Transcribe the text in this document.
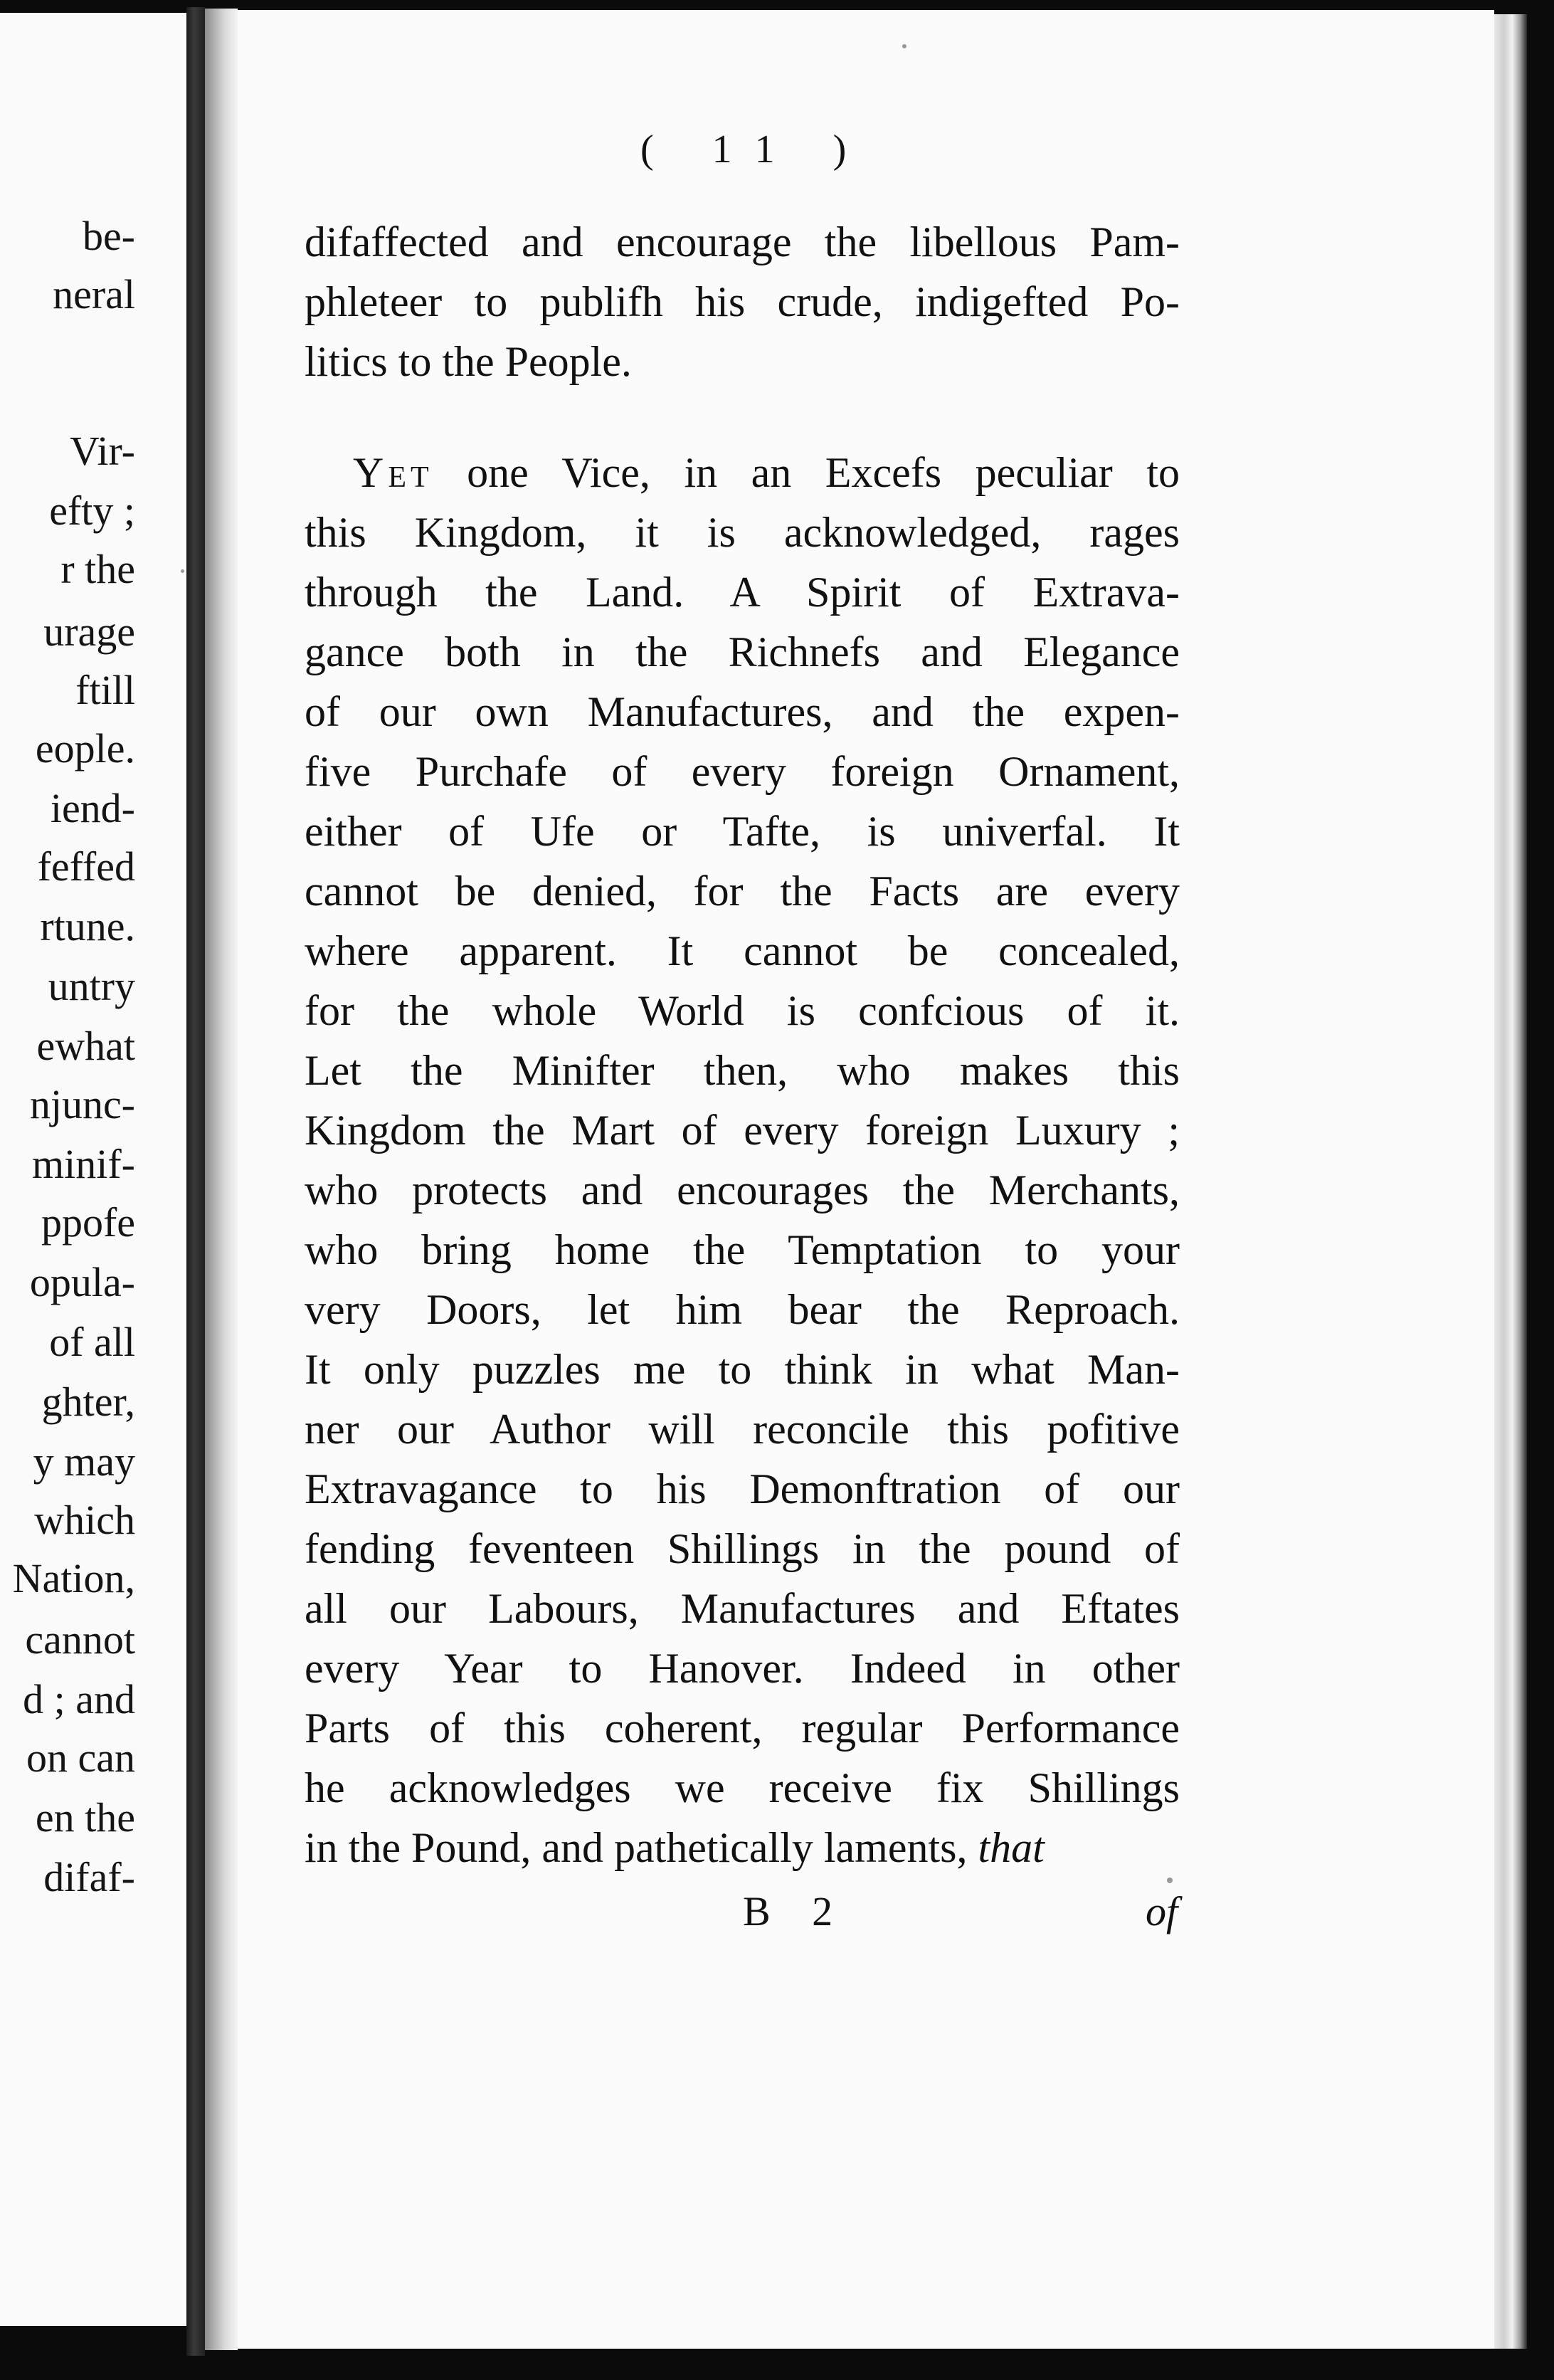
be-
neral
Vir-
efty ;
r the
urage
ftill
eople.
iend-
feffed
rtune.
untry
ewhat
njunc-
minif-
ppofe
opula-
of all
ghter,
y may
which
Nation,
cannot
d ; and
on can
en the
difaf-
( 11 )
difaffected and encourage the libellous Pam-
phleteer to publifh his crude, indigefted Po-
litics to the People.
Yet one Vice, in an Excefs peculiar to
this Kingdom, it is acknowledged, rages
through the Land. A Spirit of Extrava-
gance both in the Richnefs and Elegance
of our own Manufactures, and the expen-
five Purchafe of every foreign Ornament,
either of Ufe or Tafte, is univerfal. It
cannot be denied, for the Facts are every
where apparent. It cannot be concealed,
for the whole World is confcious of it.
Let the Minifter then, who makes this
Kingdom the Mart of every foreign Luxury ;
who protects and encourages the Merchants,
who bring home the Temptation to your
very Doors, let him bear the Reproach.
It only puzzles me to think in what Man-
ner our Author will reconcile this pofitive
Extravagance to his Demonftration of our
fending feventeen Shillings in the pound of
all our Labours, Manufactures and Eftates
every Year to Hanover. Indeed in other
Parts of this coherent, regular Performance
he acknowledges we receive fix Shillings
in the Pound, and pathetically laments, that
B 2	of
